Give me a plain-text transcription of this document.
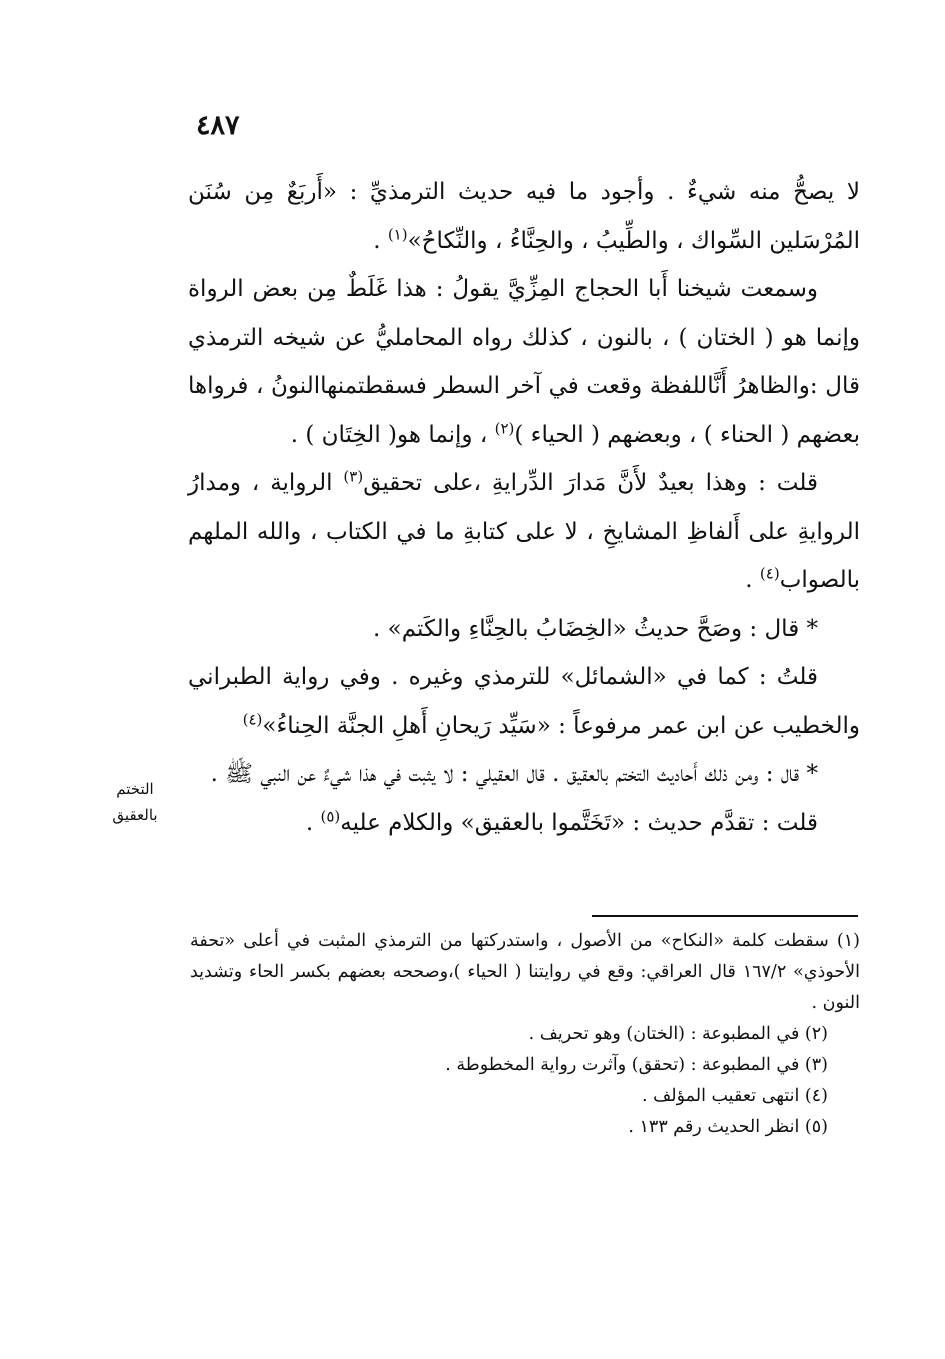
٤٨٧
التختم
بالعقيق

لا يصحُّ منه شيءٌ . وأجود ما فيه حديث الترمذيِّ : «أَربَعٌ مِن سُنَن المُرْسَلين السِّواك ، والطِّيبُ ، والحِنَّاءُ ، والنِّكاحُ»$^{(١)}$ .

وسمعت شيخنا أَبا الحجاج المِزِّيَّ يقولُ : هذا غَلَطٌ مِن بعض الرواة وإنما هو ( الختان ) ، بالنون ، كذلك رواه المحامليُّ عن شيخه الترمذي قال :والظاهرُ أَنَّاللفظة وقعت في آخر السطر فسقطتمنهاالنونُ ، فرواها بعضهم ( الحناء ) ، وبعضهم ( الحياء )$^{(٢)}$ ، وإنما هو( الخِتَان ) .

قلت : وهذا بعيدٌ لأَنَّ مَدارَ الدِّرايةِ ،على تحقيق$^{(٣)}$ الرواية ، ومدارُ الروايةِ على أَلفاظِ المشايخِ ، لا على كتابةِ ما في الكتاب ، والله الملهم بالصواب$^{(٤)}$ .

* قال : وصَحَّ حديثُ «الخِضَابُ بالحِنَّاءِ والكَتم» .

قلتُ : كما في «الشمائل» للترمذي وغيره . وفي رواية الطبراني والخطيب عن ابن عمر مرفوعاً : «سَيِّد رَيحانِ أَهلِ الجنَّة الحِناءُ»$^{(٤)}$

* قال : ومن ذلك أَحاديث التختم بالعقيق . قال العقيلي : لا يثبت في هذا شيءٌ عن النبي ﷺ .

قلت : تقدَّم حديث : «تَخَتَّموا بالعقيق» والكلام عليه$^{(٥)}$ .

(١) سقطت كلمة «النكاح» من الأصول ، واستدركتها من الترمذي المثبت في أعلى «تحفة الأحوذي» ١٦٧/٢ قال العراقي: وقع في روايتنا ( الحياء )،وصححه بعضهم بكسر الحاء وتشديد النون .

(٢) في المطبوعة : (الختان) وهو تحريف .

(٣) في المطبوعة : (تحقق) وآثرت رواية المخطوطة .

(٤) انتهى تعقيب المؤلف .

(٥) انظر الحديث رقم ١٣٣ .
